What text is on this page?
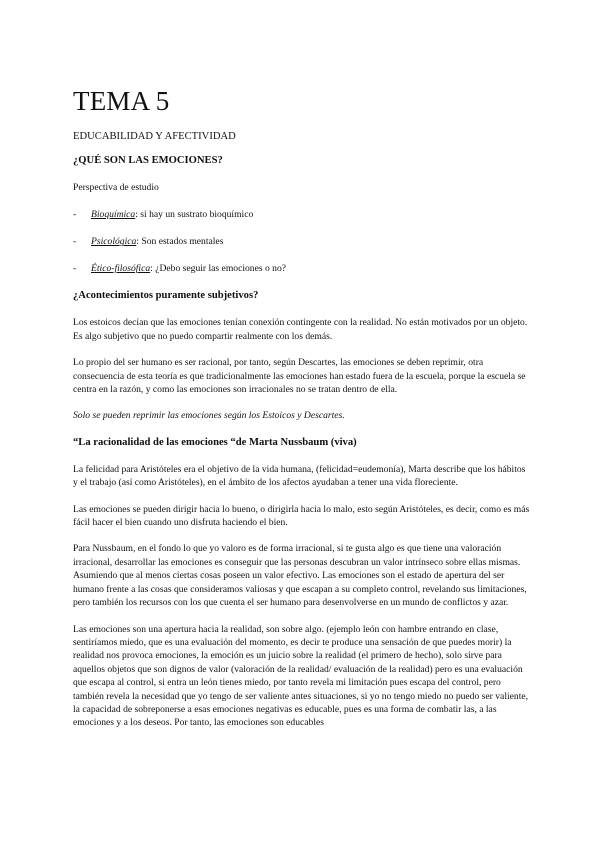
TEMA 5
EDUCABILIDAD Y AFECTIVIDAD
¿QUÉ SON LAS EMOCIONES?

Perspectiva de estudio

-	Bioquímica: si hay un sustrato bioquímico
-	Psicológica: Son estados mentales
-	Ético-filosófica: ¿Debo seguir las emociones o no?
¿Acontecimientos puramente subjetivos?

Los estoicos decían que las emociones tenían conexión contingente con la realidad. No están motivados por un objeto. Es algo subjetivo que no puedo compartir realmente con los demás.

Lo propio del ser humano es ser racional, por tanto, según Descartes, las emociones se deben reprimir, otra consecuencia de esta teoría es que tradicionalmente las emociones han estado fuera de la escuela, porque la escuela se centra en la razón, y como las emociones son irracionales no se tratan dentro de ella.

Solo se pueden reprimir las emociones según los Estoicos y Descartes.

“La racionalidad de las emociones “de Marta Nussbaum (viva)

La felicidad para Aristóteles era el objetivo de la vida humana, (felicidad=eudemonía), Marta describe que los hábitos y el trabajo (así como Aristóteles), en el ámbito de los afectos ayudaban a tener una vida floreciente.

Las emociones se pueden dirigir hacia lo bueno, o dirigirla hacia lo malo, esto según Aristóteles, es decir, como es más fácil hacer el bien cuando uno disfruta haciendo el bien.

Para Nussbaum, en el fondo lo que yo valoro es de forma irracional, si te gusta algo es que tiene una valoración irracional, desarrollar las emociones es conseguir que las personas descubran un valor intrínseco sobre ellas mismas. Asumiendo que al menos ciertas cosas poseen un valor efectivo. Las emociones son el estado de apertura del ser humano frente a las cosas que consideramos valiosas y que escapan a su completo control, revelando sus limitaciones, pero también los recursos con los que cuenta el ser humano para desenvolverse en un mundo de conflictos y azar.

Las emociones son una apertura hacia la realidad, son sobre algo. (ejemplo león con hambre entrando en clase, sentiríamos miedo, que es una evaluación del momento, es decir te produce una sensación de que puedes morir) la realidad nos provoca emociones, la emoción es un juicio sobre la realidad (el primero de hecho), solo sirve para aquellos objetos que son dignos de valor (valoración de la realidad/ evaluación de la realidad) pero es una evaluación que escapa al control, si entra un león tienes miedo, por tanto revela mi limitación pues escapa del control, pero también revela la necesidad que yo tengo de ser valiente antes situaciones, si yo no tengo miedo no puedo ser valiente, la capacidad de sobreponerse a esas emociones negativas es educable, pues es una forma de combatir las, a las emociones y a los deseos. Por tanto, las emociones son educables
